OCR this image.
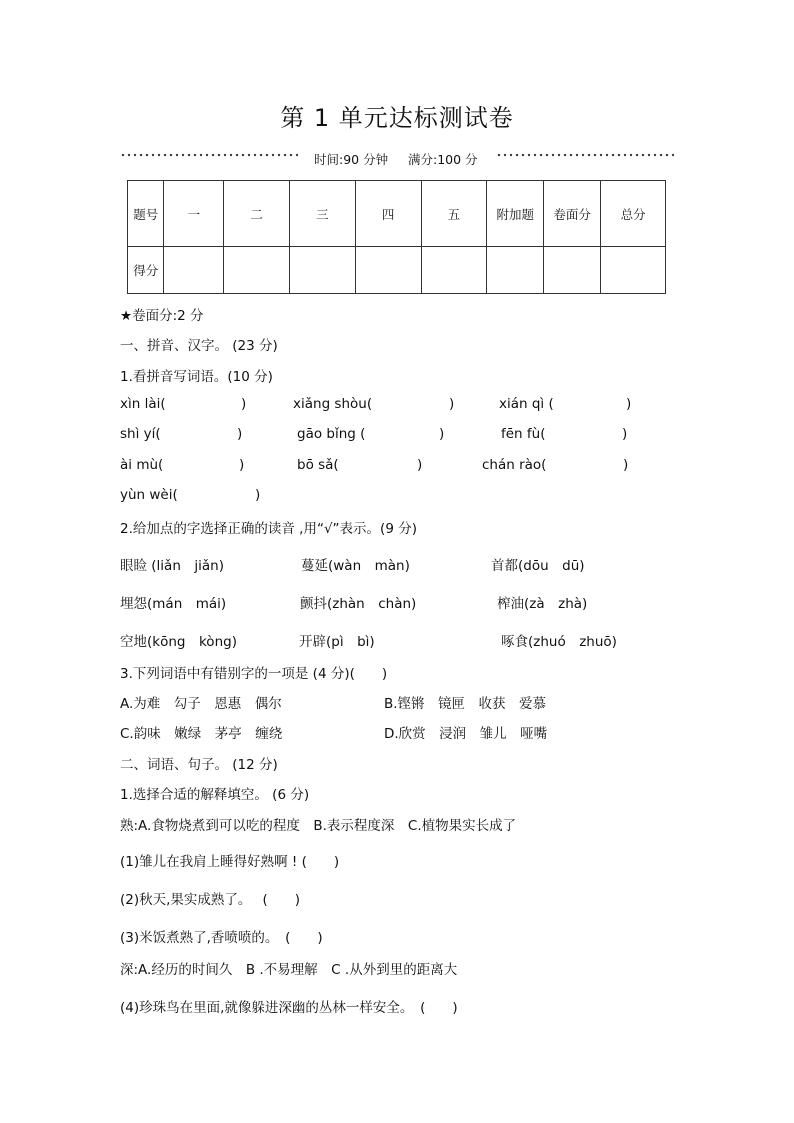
第 1 单元达标测试卷
时间:90 分钟 满分:100 分
题号	一	二	三	四	五	附加题	卷面分	总分
得分								
★卷面分:2 分
一、拼音、汉字。 (23 分)
1.看拼音写词语。(10 分)
xìn lài(	)	xiǎng shòu(	)	xián qì (	)
shì yí(	)	gāo bǐng (	)	fēn fù(	)
ài mù(	)	bō sǎ(	)	chán rào(	)
yùn wèi(	)
2.给加点的字选择正确的读音 ,用“√”表示。(9 分)
眼睑 (liǎn　jiǎn)	蔓延(wàn　màn)	首都(dōu　dū)
埋怨(mán　mái)	颤抖(zhàn　chàn)	榨油(zà　zhà)
空地(kōng　kòng)	开辟(pì　bì)	啄食(zhuó　zhuō)
3.下列词语中有错别字的一项是 (4 分)(　　)
A.为难　勾子　恩惠　偶尔	B.铿锵　镜匣　收获　爱慕
C.韵味　嫩绿　茅亭　缠绕	D.欣赏　浸润　雏儿　哑嘴
二、词语、句子。 (12 分)
1.选择合适的解释填空。 (6 分)
熟:A.食物烧煮到可以吃的程度　B.表示程度深　C.植物果实长成了
(1)雏儿在我肩上睡得好熟啊 ! (　　)
(2)秋天,果实成熟了。　 (　　)
(3)米饭煮熟了,香喷喷的。　(　　)
深:A.经历的时间久　B .不易理解　C .从外到里的距离大
(4)珍珠鸟在里面,就像躲进深幽的丛林一样安全。　(　　)
